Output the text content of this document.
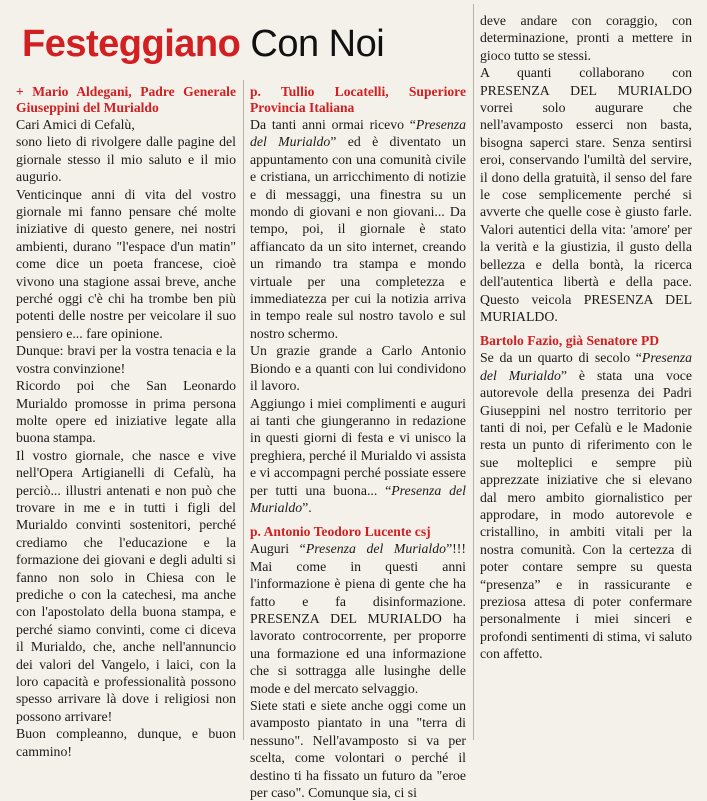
Festeggiano Con Noi

+ Mario Aldegani, Padre Generale Giuseppini del Murialdo

Cari Amici di Cefalù,

sono lieto di rivolgere dalle pagine del giornale stesso il mio saluto e il mio augurio.

Venticinque anni di vita del vostro giornale mi fanno pensare ché molte iniziative di questo genere, nei nostri ambienti, durano "l'espace d'un matin" come dice un poeta francese, cioè vivono una stagione assai breve, anche perché oggi c'è chi ha trombe ben più potenti delle nostre per veicolare il suo pensiero e... fare opinione.

Dunque: bravi per la vostra tenacia e la vostra convinzione!

Ricordo poi che San Leonardo Murialdo promosse in prima persona molte opere ed iniziative legate alla buona stampa.

Il vostro giornale, che nasce e vive nell'Opera Artigianelli di Cefalù, ha perciò... illustri antenati e non può che trovare in me e in tutti i figli del Murialdo convinti sostenitori, perché crediamo che l'educazione e la formazione dei giovani e degli adulti si fanno non solo in Chiesa con le prediche o con la catechesi, ma anche con l'apostolato della buona stampa, e perché siamo convinti, come ci diceva il Murialdo, che, anche nell'annuncio dei valori del Vangelo, i laici, con la loro capacità e professionalità possono spesso arrivare là dove i religiosi non possono arrivare!

Buon compleanno, dunque, e buon cammino!

p. Tullio Locatelli, Superiore Provincia Italiana

Da tanti anni ormai ricevo “Presenza del Murialdo” ed è diventato un appuntamento con una comunità civile e cristiana, un arricchimento di notizie e di messaggi, una finestra su un mondo di giovani e non giovani... Da tempo, poi, il giornale è stato affiancato da un sito internet, creando un rimando tra stampa e mondo virtuale per una completezza e immediatezza per cui la notizia arriva in tempo reale sul nostro tavolo e sul nostro schermo.

Un grazie grande a Carlo Antonio Biondo e a quanti con lui condividono il lavoro.

Aggiungo i miei complimenti e auguri ai tanti che giungeranno in redazione in questi giorni di festa e vi unisco la preghiera, perché il Murialdo vi assista e vi accompagni perché possiate essere per tutti una buona... “Presenza del Murialdo”.

p. Antonio Teodoro Lucente csj

Auguri “Presenza del Murialdo”!!! Mai come in questi anni l'informazione è piena di gente che ha fatto e fa disinformazione. PRESENZA DEL MURIALDO ha lavorato controcorrente, per proporre una formazione ed una informazione che si sottragga alle lusinghe delle mode e del mercato selvaggio.

Siete stati e siete anche oggi come un avamposto piantato in una "terra di nessuno". Nell'avamposto si va per scelta, come volontari o perché il destino ti ha fissato un futuro da "eroe per caso". Comunque sia, ci si

deve andare con coraggio, con determinazione, pronti a mettere in gioco tutto se stessi.

A quanti collaborano con PRESENZA DEL MURIALDO vorrei solo augurare che nell'avamposto esserci non basta, bisogna saperci stare. Senza sentirsi eroi, conservando l'umiltà del servire, il dono della gratuità, il senso del fare le cose semplicemente perché si avverte che quelle cose è giusto farle. Valori autentici della vita: 'amore' per la verità e la giustizia, il gusto della bellezza e della bontà, la ricerca dell'autentica libertà e della pace. Questo veicola PRESENZA DEL MURIALDO.

Bartolo Fazio, già Senatore PD

Se da un quarto di secolo “Presenza del Murialdo” è stata una voce autorevole della presenza dei Padri Giuseppini nel nostro territorio per tanti di noi, per Cefalù e le Madonie resta un punto di riferimento con le sue molteplici e sempre più apprezzate iniziative che si elevano dal mero ambito giornalistico per approdare, in modo autorevole e cristallino, in ambiti vitali per la nostra comunità. Con la certezza di poter contare sempre su questa “presenza” e in rassicurante e preziosa attesa di poter confermare personalmente i miei sinceri e profondi sentimenti di stima, vi saluto con affetto.
